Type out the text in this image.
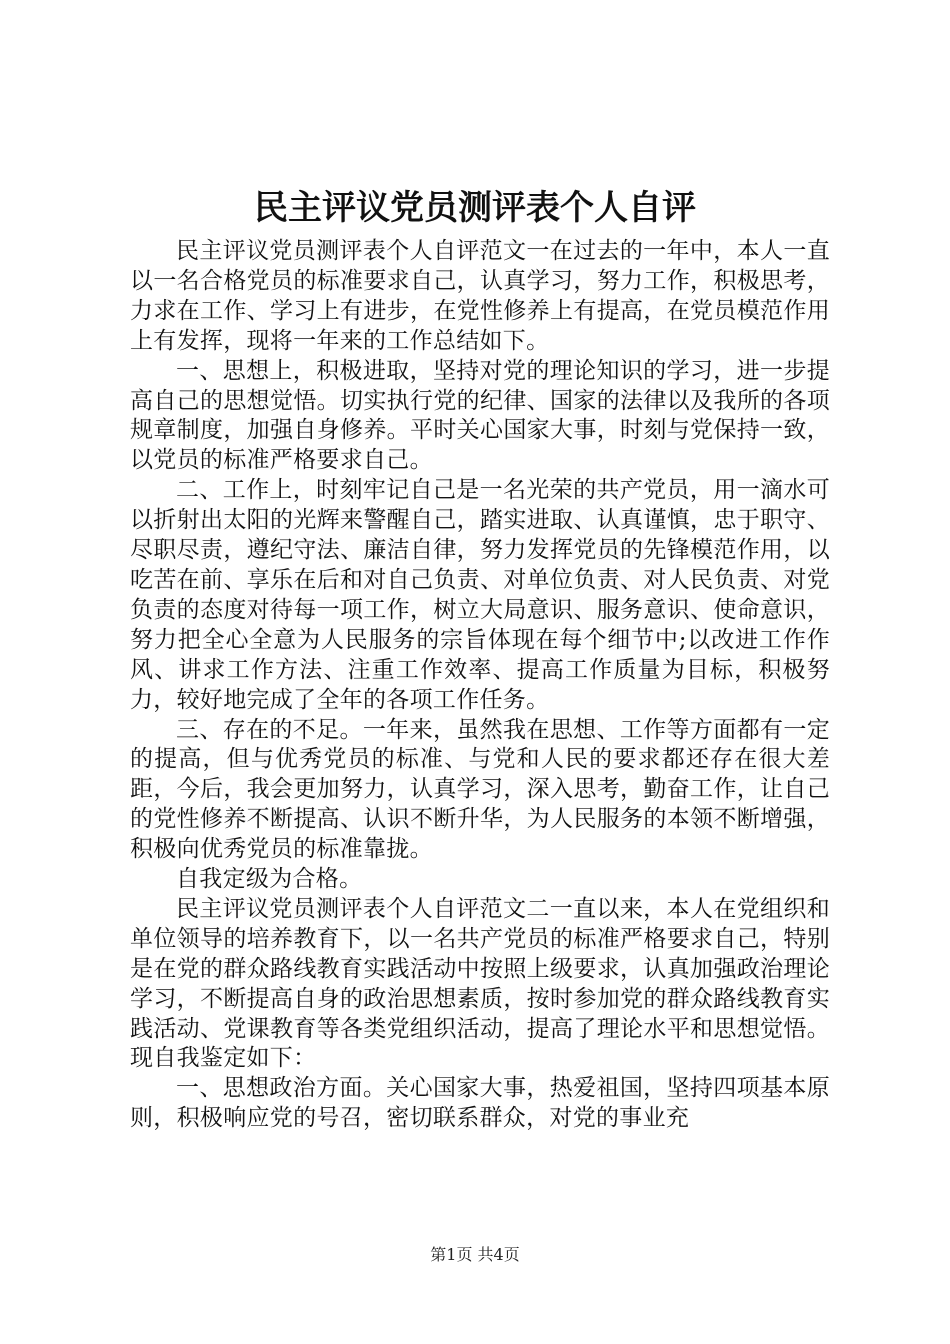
民主评议党员测评表个人自评

民主评议党员测评表个人自评范文一在过去的一年中，本人一直以一名合格党员的标准要求自己，认真学习，努力工作，积极思考，力求在工作、学习上有进步，在党性修养上有提高，在党员模范作用上有发挥，现将一年来的工作总结如下。

一、思想上，积极进取，坚持对党的理论知识的学习，进一步提高自己的思想觉悟。切实执行党的纪律、国家的法律以及我所的各项规章制度，加强自身修养。平时关心国家大事，时刻与党保持一致，以党员的标准严格要求自己。

二、工作上，时刻牢记自己是一名光荣的共产党员，用一滴水可以折射出太阳的光辉来警醒自己，踏实进取、认真谨慎，忠于职守、尽职尽责，遵纪守法、廉洁自律，努力发挥党员的先锋模范作用，以吃苦在前、享乐在后和对自己负责、对单位负责、对人民负责、对党负责的态度对待每一项工作，树立大局意识、服务意识、使命意识，努力把全心全意为人民服务的宗旨体现在每个细节中;以改进工作作风、讲求工作方法、注重工作效率、提高工作质量为目标，积极努力，较好地完成了全年的各项工作任务。

三、存在的不足。一年来，虽然我在思想、工作等方面都有一定的提高，但与优秀党员的标准、与党和人民的要求都还存在很大差距，今后，我会更加努力，认真学习，深入思考，勤奋工作，让自己的党性修养不断提高、认识不断升华，为人民服务的本领不断增强，积极向优秀党员的标准靠拢。

自我定级为合格。

民主评议党员测评表个人自评范文二一直以来，本人在党组织和单位领导的培养教育下，以一名共产党员的标准严格要求自己，特别是在党的群众路线教育实践活动中按照上级要求，认真加强政治理论学习，不断提高自身的政治思想素质，按时参加党的群众路线教育实践活动、党课教育等各类党组织活动，提高了理论水平和思想觉悟。现自我鉴定如下：

一、思想政治方面。关心国家大事，热爱祖国，坚持四项基本原则，积极响应党的号召，密切联系群众，对党的事业充

第1页 共4页
